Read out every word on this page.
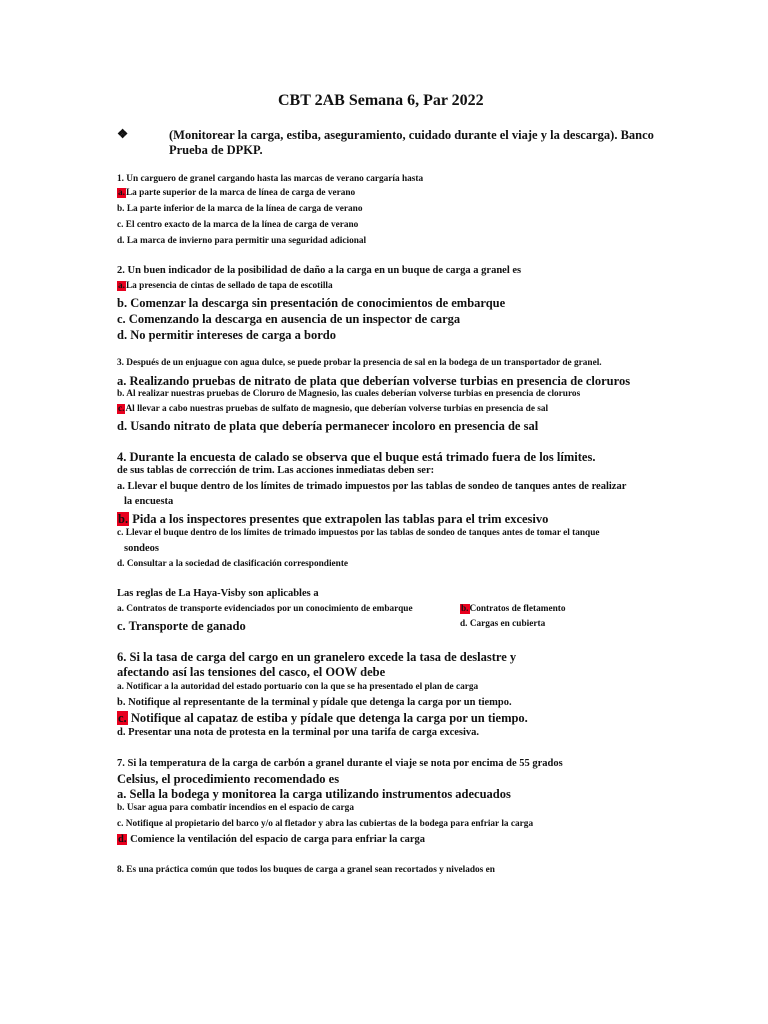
CBT 2AB Semana 6, Par 2022
❖	(Monitorear la carga, estiba, aseguramiento, cuidado durante el viaje y la descarga). Banco
Prueba de DPKP.
1. Un carguero de granel cargando hasta las marcas de verano cargaría hasta
a.La parte superior de la marca de línea de carga de verano
b. La parte inferior de la marca de la línea de carga de verano
c. El centro exacto de la marca de la línea de carga de verano
d. La marca de invierno para permitir una seguridad adicional
2. Un buen indicador de la posibilidad de daño a la carga en un buque de carga a granel es
a.La presencia de cintas de sellado de tapa de escotilla
b. Comenzar la descarga sin presentación de conocimientos de embarque
c. Comenzando la descarga en ausencia de un inspector de carga
d. No permitir intereses de carga a bordo
3. Después de un enjuague con agua dulce, se puede probar la presencia de sal en la bodega de un transportador de granel.
a. Realizando pruebas de nitrato de plata que deberían volverse turbias en presencia de cloruros
b. Al realizar nuestras pruebas de Cloruro de Magnesio, las cuales deberían volverse turbias en presencia de cloruros
c.Al llevar a cabo nuestras pruebas de sulfato de magnesio, que deberían volverse turbias en presencia de sal
d. Usando nitrato de plata que debería permanecer incoloro en presencia de sal
4. Durante la encuesta de calado se observa que el buque está trimado fuera de los límites.
de sus tablas de corrección de trim. Las acciones inmediatas deben ser:
a. Llevar el buque dentro de los límites de trimado impuestos por las tablas de sondeo de tanques antes de realizar
la encuesta
b. Pida a los inspectores presentes que extrapolen las tablas para el trim excesivo
c. Llevar el buque dentro de los límites de trimado impuestos por las tablas de sondeo de tanques antes de tomar el tanque
sondeos
d. Consultar a la sociedad de clasificación correspondiente
Las reglas de La Haya-Visby son aplicables a
a. Contratos de transporte evidenciados por un conocimiento de embarque	b.Contratos de fletamento
c. Transporte de ganado	d. Cargas en cubierta
6. Si la tasa de carga del cargo en un granelero excede la tasa de deslastre y
afectando así las tensiones del casco, el OOW debe
a. Notificar a la autoridad del estado portuario con la que se ha presentado el plan de carga
b. Notifique al representante de la terminal y pídale que detenga la carga por un tiempo.
c. Notifique al capataz de estiba y pídale que detenga la carga por un tiempo.
d. Presentar una nota de protesta en la terminal por una tarifa de carga excesiva.
7. Si la temperatura de la carga de carbón a granel durante el viaje se nota por encima de 55 grados
Celsius, el procedimiento recomendado es
a. Sella la bodega y monitorea la carga utilizando instrumentos adecuados
b. Usar agua para combatir incendios en el espacio de carga
c. Notifique al propietario del barco y/o al fletador y abra las cubiertas de la bodega para enfriar la carga
d. Comience la ventilación del espacio de carga para enfriar la carga
8. Es una práctica común que todos los buques de carga a granel sean recortados y nivelados en
